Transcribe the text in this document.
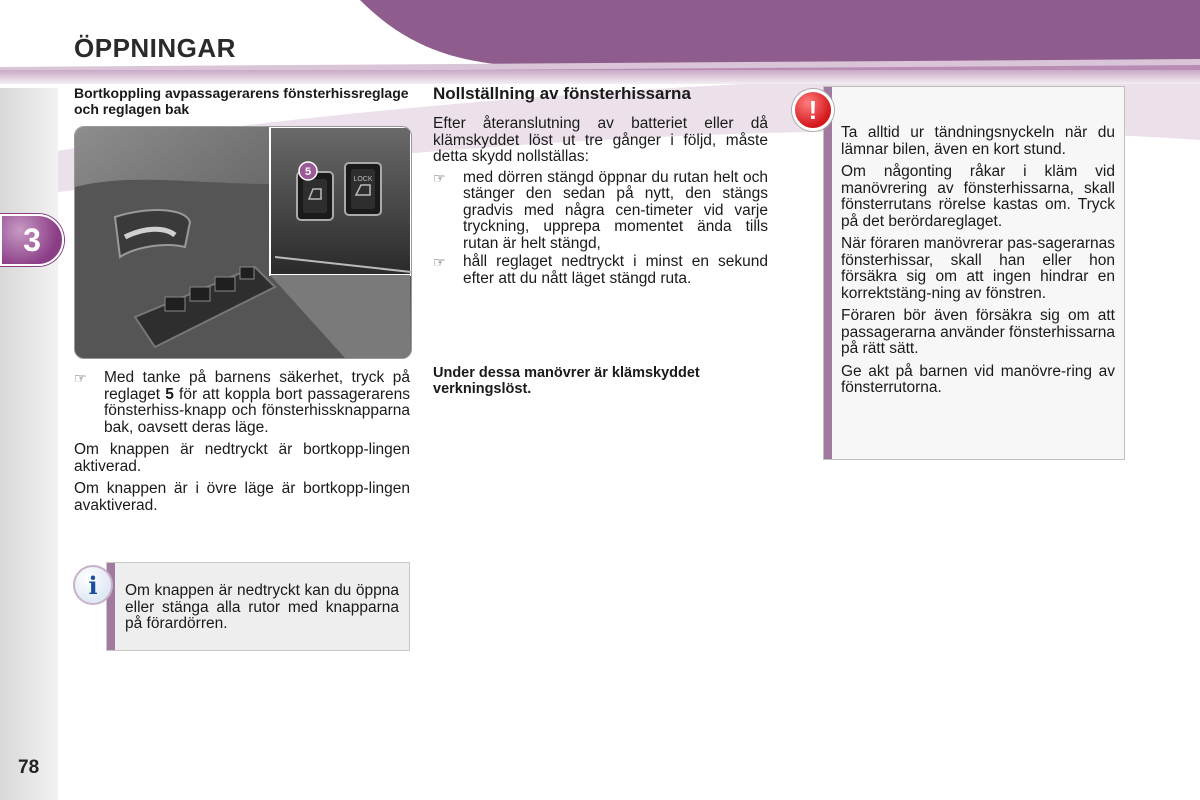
ÖPPNINGAR
3
78
Bortkoppling avpassagerarens fönsterhissreglage och reglagen bak
LOCK
5
☞	Med tanke på barnens säkerhet, tryck på reglaget 5 för att koppla bort passagerarens fönsterhiss-knapp och fönsterhissknapparna bak, oavsett deras läge.

Om knappen är nedtryckt är bortkopp-lingen aktiverad.

Om knappen är i övre läge är bortkopp-lingen avaktiverad.

i	Om knappen är nedtryckt kan du öppna eller stänga alla rutor med knapparna på förardörren.
Nollställning av fönsterhissarna

Efter återanslutning av batteriet eller då klämskyddet löst ut tre gånger i följd, måste detta skydd nollställas:

☞	med dörren stängd öppnar du rutan helt och stänger den sedan på nytt, den stängs gradvis med några cen-timeter vid varje tryckning, upprepa momentet ända tills rutan är helt stängd,
☞	håll reglaget nedtryckt i minst en sekund efter att du nått läget stängd ruta.
Under dessa manövrer är klämskyddet verkningslöst.
!

Ta alltid ur tändningsnyckeln när du lämnar bilen, även en kort stund.

Om någonting råkar i kläm vid manövrering av fönsterhissarna, skall fönsterrutans rörelse kastas om. Tryck på det berördareglaget.

När föraren manövrerar pas-sagerarnas fönsterhissar, skall han eller hon försäkra sig om att ingen hindrar en korrektstäng-ning av fönstren.

Föraren bör även försäkra sig om att passagerarna använder fönsterhissarna på rätt sätt.

Ge akt på barnen vid manövre-ring av fönsterrutorna.
